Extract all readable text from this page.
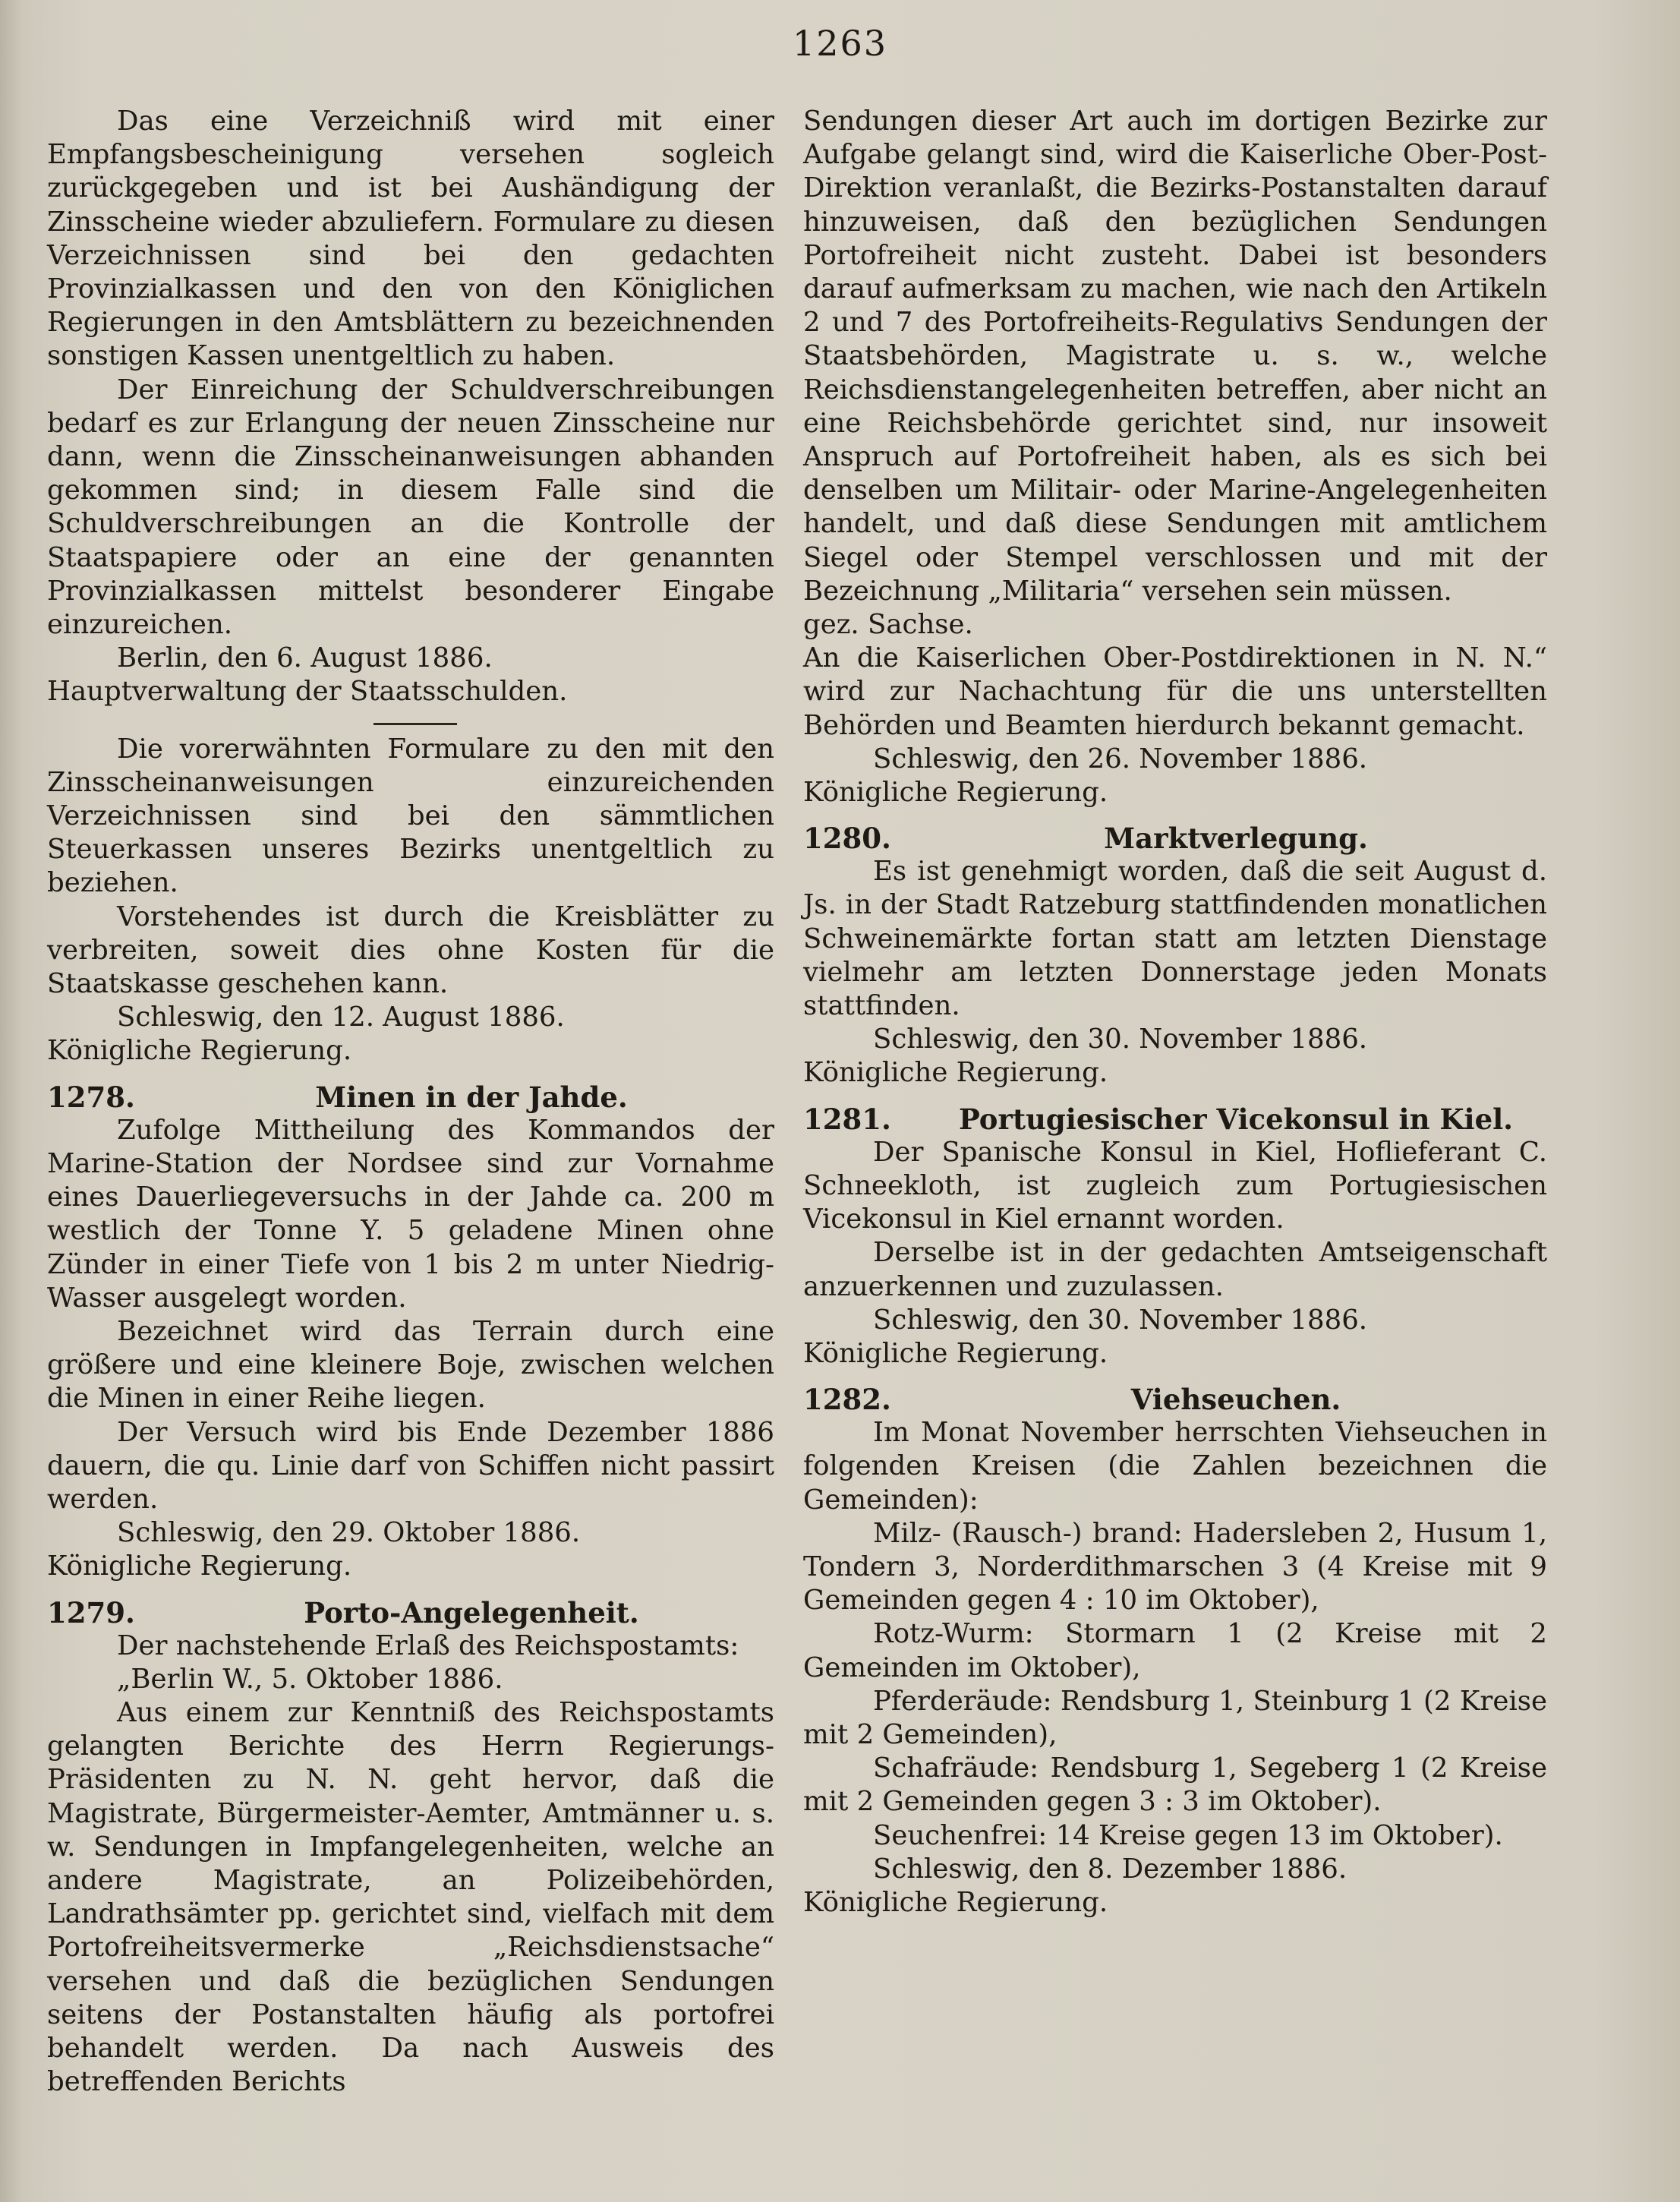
1263

Das eine Verzeichniß wird mit einer Empfangsbescheinigung versehen sogleich zurückgegeben und ist bei Aushändigung der Zinsscheine wieder abzuliefern. Formulare zu diesen Verzeichnissen sind bei den gedachten Provinzialkassen und den von den Königlichen Regierungen in den Amtsblättern zu bezeichnenden sonstigen Kassen unentgeltlich zu haben.

Der Einreichung der Schuldverschreibungen bedarf es zur Erlangung der neuen Zinsscheine nur dann, wenn die Zinsscheinanweisungen abhanden gekommen sind; in diesem Falle sind die Schuldverschreibungen an die Kontrolle der Staatspapiere oder an eine der genannten Provinzialkassen mittelst besonderer Eingabe einzureichen.

Berlin, den 6. August 1886.

Hauptverwaltung der Staatsschulden.

Die vorerwähnten Formulare zu den mit den Zinsscheinanweisungen einzureichenden Verzeichnissen sind bei den sämmtlichen Steuerkassen unseres Bezirks unentgeltlich zu beziehen.

Vorstehendes ist durch die Kreisblätter zu verbreiten, soweit dies ohne Kosten für die Staatskasse geschehen kann.

Schleswig, den 12. August 1886.

Königliche Regierung.

1278.	Minen in der Jahde.

Zufolge Mittheilung des Kommandos der Marine-Station der Nordsee sind zur Vornahme eines Dauerliegeversuchs in der Jahde ca. 200 m westlich der Tonne Y. 5 geladene Minen ohne Zünder in einer Tiefe von 1 bis 2 m unter Niedrig-Wasser ausgelegt worden.

Bezeichnet wird das Terrain durch eine größere und eine kleinere Boje, zwischen welchen die Minen in einer Reihe liegen.

Der Versuch wird bis Ende Dezember 1886 dauern, die qu. Linie darf von Schiffen nicht passirt werden.

Schleswig, den 29. Oktober 1886.

Königliche Regierung.

1279.	Porto-Angelegenheit.

Der nachstehende Erlaß des Reichspostamts:

„Berlin W., 5. Oktober 1886.

Aus einem zur Kenntniß des Reichspostamts gelangten Berichte des Herrn Regierungs-Präsidenten zu N. N. geht hervor, daß die Magistrate, Bürgermeister-Aemter, Amtmänner u. s. w. Sendungen in Impfangelegenheiten, welche an andere Magistrate, an Polizeibehörden, Landrathsämter pp. gerichtet sind, vielfach mit dem Portofreiheitsvermerke „Reichsdienstsache“ versehen und daß die bezüglichen Sendungen seitens der Postanstalten häufig als portofrei behandelt werden. Da nach Ausweis des betreffenden Berichts

Sendungen dieser Art auch im dortigen Bezirke zur Aufgabe gelangt sind, wird die Kaiserliche Ober-Post-Direktion veranlaßt, die Bezirks-Postanstalten darauf hinzuweisen, daß den bezüglichen Sendungen Portofreiheit nicht zusteht. Dabei ist besonders darauf aufmerksam zu machen, wie nach den Artikeln 2 und 7 des Portofreiheits-Regulativs Sendungen der Staatsbehörden, Magistrate u. s. w., welche Reichsdienstangelegenheiten betreffen, aber nicht an eine Reichsbehörde gerichtet sind, nur insoweit Anspruch auf Portofreiheit haben, als es sich bei denselben um Militair- oder Marine-Angelegenheiten handelt, und daß diese Sendungen mit amtlichem Siegel oder Stempel verschlossen und mit der Bezeichnung „Militaria“ versehen sein müssen.

gez. Sachse.

An die Kaiserlichen Ober-Postdirektionen in N. N.“ wird zur Nachachtung für die uns unterstellten Behörden und Beamten hierdurch bekannt gemacht.

Schleswig, den 26. November 1886.

Königliche Regierung.

1280.	Marktverlegung.

Es ist genehmigt worden, daß die seit August d. Js. in der Stadt Ratzeburg stattfindenden monatlichen Schweinemärkte fortan statt am letzten Dienstage vielmehr am letzten Donnerstage jeden Monats stattfinden.

Schleswig, den 30. November 1886.

Königliche Regierung.

1281.	Portugiesischer Vicekonsul in Kiel.

Der Spanische Konsul in Kiel, Hoflieferant C. Schneekloth, ist zugleich zum Portugiesischen Vicekonsul in Kiel ernannt worden.

Derselbe ist in der gedachten Amtseigenschaft anzuerkennen und zuzulassen.

Schleswig, den 30. November 1886.

Königliche Regierung.

1282.	Viehseuchen.

Im Monat November herrschten Viehseuchen in folgenden Kreisen (die Zahlen bezeichnen die Gemeinden):

Milz- (Rausch-) brand: Hadersleben 2, Husum 1, Tondern 3, Norderdithmarschen 3 (4 Kreise mit 9 Gemeinden gegen 4 : 10 im Oktober),

Rotz-Wurm: Stormarn 1 (2 Kreise mit 2 Gemeinden im Oktober),

Pferderäude: Rendsburg 1, Steinburg 1 (2 Kreise mit 2 Gemeinden),

Schafräude: Rendsburg 1, Segeberg 1 (2 Kreise mit 2 Gemeinden gegen 3 : 3 im Oktober).

Seuchenfrei: 14 Kreise gegen 13 im Oktober).

Schleswig, den 8. Dezember 1886.

Königliche Regierung.
